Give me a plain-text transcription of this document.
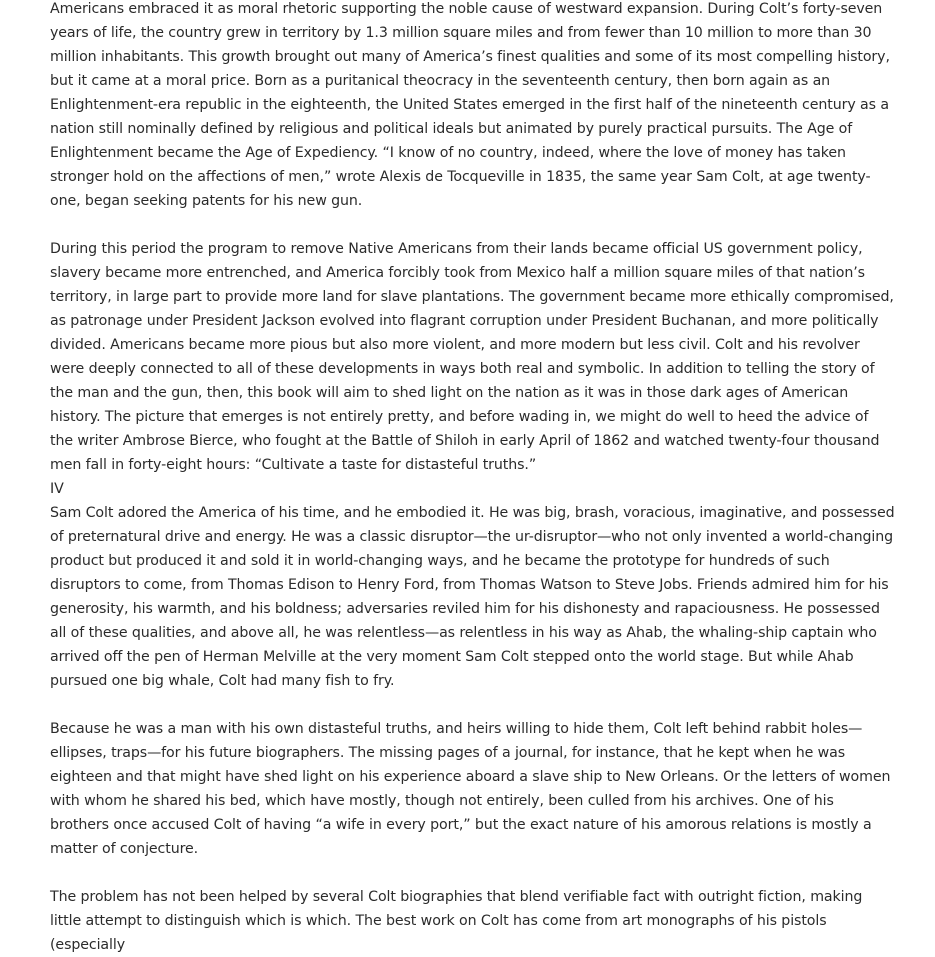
Americans embraced it as moral rhetoric supporting the noble cause of westward expansion. During Colt’s forty-seven years of life, the country grew in territory by 1.3 million square miles and from fewer than 10 million to more than 30 million inhabitants. This growth brought out many of America’s finest qualities and some of its most compelling history, but it came at a moral price. Born as a puritanical theocracy in the seventeenth century, then born again as an Enlightenment-era republic in the eighteenth, the United States emerged in the first half of the nineteenth century as a nation still nominally defined by religious and political ideals but animated by purely practical pursuits. The Age of Enlightenment became the Age of Expediency. “I know of no country, indeed, where the love of money has taken stronger hold on the affections of men,” wrote Alexis de Tocqueville in 1835, the same year Sam Colt, at age twenty-one, began seeking patents for his new gun.

During this period the program to remove Native Americans from their lands became official US government policy, slavery became more entrenched, and America forcibly took from Mexico half a million square miles of that nation’s territory, in large part to provide more land for slave plantations. The government became more ethically compromised, as patronage under President Jackson evolved into flagrant corruption under President Buchanan, and more politically divided. Americans became more pious but also more violent, and more modern but less civil. Colt and his revolver were deeply connected to all of these developments in ways both real and symbolic. In addition to telling the story of the man and the gun, then, this book will aim to shed light on the nation as it was in those dark ages of American history. The picture that emerges is not entirely pretty, and before wading in, we might do well to heed the advice of the writer Ambrose Bierce, who fought at the Battle of Shiloh in early April of 1862 and watched twenty-four thousand men fall in forty-eight hours: “Cultivate a taste for distasteful truths.”

IV

Sam Colt adored the America of his time, and he embodied it. He was big, brash, voracious, imaginative, and possessed of preternatural drive and energy. He was a classic disruptor—the ur-disruptor—who not only invented a world-changing product but produced it and sold it in world-changing ways, and he became the prototype for hundreds of such disruptors to come, from Thomas Edison to Henry Ford, from Thomas Watson to Steve Jobs. Friends admired him for his generosity, his warmth, and his boldness; adversaries reviled him for his dishonesty and rapaciousness. He possessed all of these qualities, and above all, he was relentless—as relentless in his way as Ahab, the whaling-ship captain who arrived off the pen of Herman Melville at the very moment Sam Colt stepped onto the world stage. But while Ahab pursued one big whale, Colt had many fish to fry.

Because he was a man with his own distasteful truths, and heirs willing to hide them, Colt left behind rabbit holes—ellipses, traps—for his future biographers. The missing pages of a journal, for instance, that he kept when he was eighteen and that might have shed light on his experience aboard a slave ship to New Orleans. Or the letters of women with whom he shared his bed, which have mostly, though not entirely, been culled from his archives. One of his brothers once accused Colt of having “a wife in every port,” but the exact nature of his amorous relations is mostly a matter of conjecture.

The problem has not been helped by several Colt biographies that blend verifiable fact with outright fiction, making little attempt to distinguish which is which. The best work on Colt has come from art monographs of his pistols (especially
